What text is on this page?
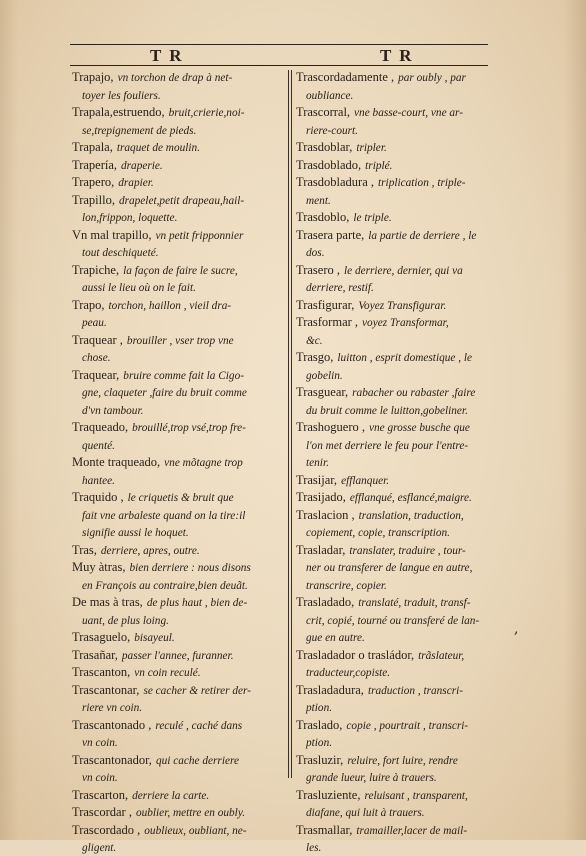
T R	T R
Trapajo, vn torchon de drap à net-
toyer les fouliers.
Trapala,estruendo, bruit,crierie,noi-
se,trepignement de pieds.
Trapala, traquet de moulin.
Trapería, draperie.
Trapero, drapier.
Trapillo, drapelet,petit drapeau,hail-
lon,frippon, loquette.
Vn mal trapillo, vn petit fripponnier
tout deschiqueté.
Trapiche, la façon de faire le sucre,
aussi le lieu où on le fait.
Trapo, torchon, haillon , vieil dra-
peau.
Traquear , brouiller , vser trop vne
chose.
Traquear, bruire comme fait la Cigo-
gne, claqueter ,faire du bruit comme
d'vn tambour.
Traqueado, brouillé,trop vsé,trop fre-
quenté.
Monte traqueado, vne mõtagne trop
hantee.
Traquido , le criquetis & bruit que
fait vne arbaleste quand on la tire:il
signifie aussi le hoquet.
Tras, derriere, apres, outre.
Muy àtras, bien derriere : nous disons
en François au contraire,bien deuãt.
De mas à tras, de plus haut , bien de-
uant, de plus loing.
Trasaguelo, bisayeul.
Trasañar, passer l'annee, furanner.
Trascanton, vn coin reculé.
Trascantonar, se cacher & retirer der-
riere vn coin.
Trascantonado , reculé , caché dans
vn coin.
Trascantonador, qui cache derriere
vn coin.
Trascarton, derriere la carte.
Trascordar , oublier, mettre en oubly.
Trascordado , oublieux, oubliant, ne-
gligent.
Trascordadamente , par oubly , par
oubliance.
Trascorral, vne basse-court, vne ar-
riere-court.
Trasdoblar, tripler.
Trasdoblado, triplé.
Trasdobladura , triplication , triple-
ment.
Trasdoblo, le triple.
Trasera parte, la partie de derriere , le
dos.
Trasero , le derriere, dernier, qui va
derriere, restif.
Trasfigurar, Voyez Transfigurar.
Trasformar , voyez Transformar,
&c.
Trasgo, luitton , esprit domestique , le
gobelin.
Trasguear, rabacher ou rabaster ,faire
du bruit comme le luitton,gobeliner.
Trashoguero , vne grosse busche que
l'on met derriere le feu pour l'entre-
tenir.
Trasijar, efflanquer.
Trasijado, efflanqué, esflancé,maigre.
Traslacion , translation, traduction,
copiement, copie, transcription.
Trasladar, translater, traduire , tour-
ner ou transferer de langue en autre,
transcrire, copier.
Trasladado, translaté, traduit, transf-
crit, copié, tourné ou transferé de lan-
gue en autre.
Trasladador o trasládor, trãslateur,
traducteur,copiste.
Trasladadura, traduction , transcri-
ption.
Traslado, copie , pourtrait , transcri-
ption.
Trasluzir, reluire, fort luire, rendre
grande lueur, luire à trauers.
Trasluziente, reluisant , transparent,
diafane, qui luit à trauers.
Trasmallar, tramailler,lacer de mail-
les.
,
